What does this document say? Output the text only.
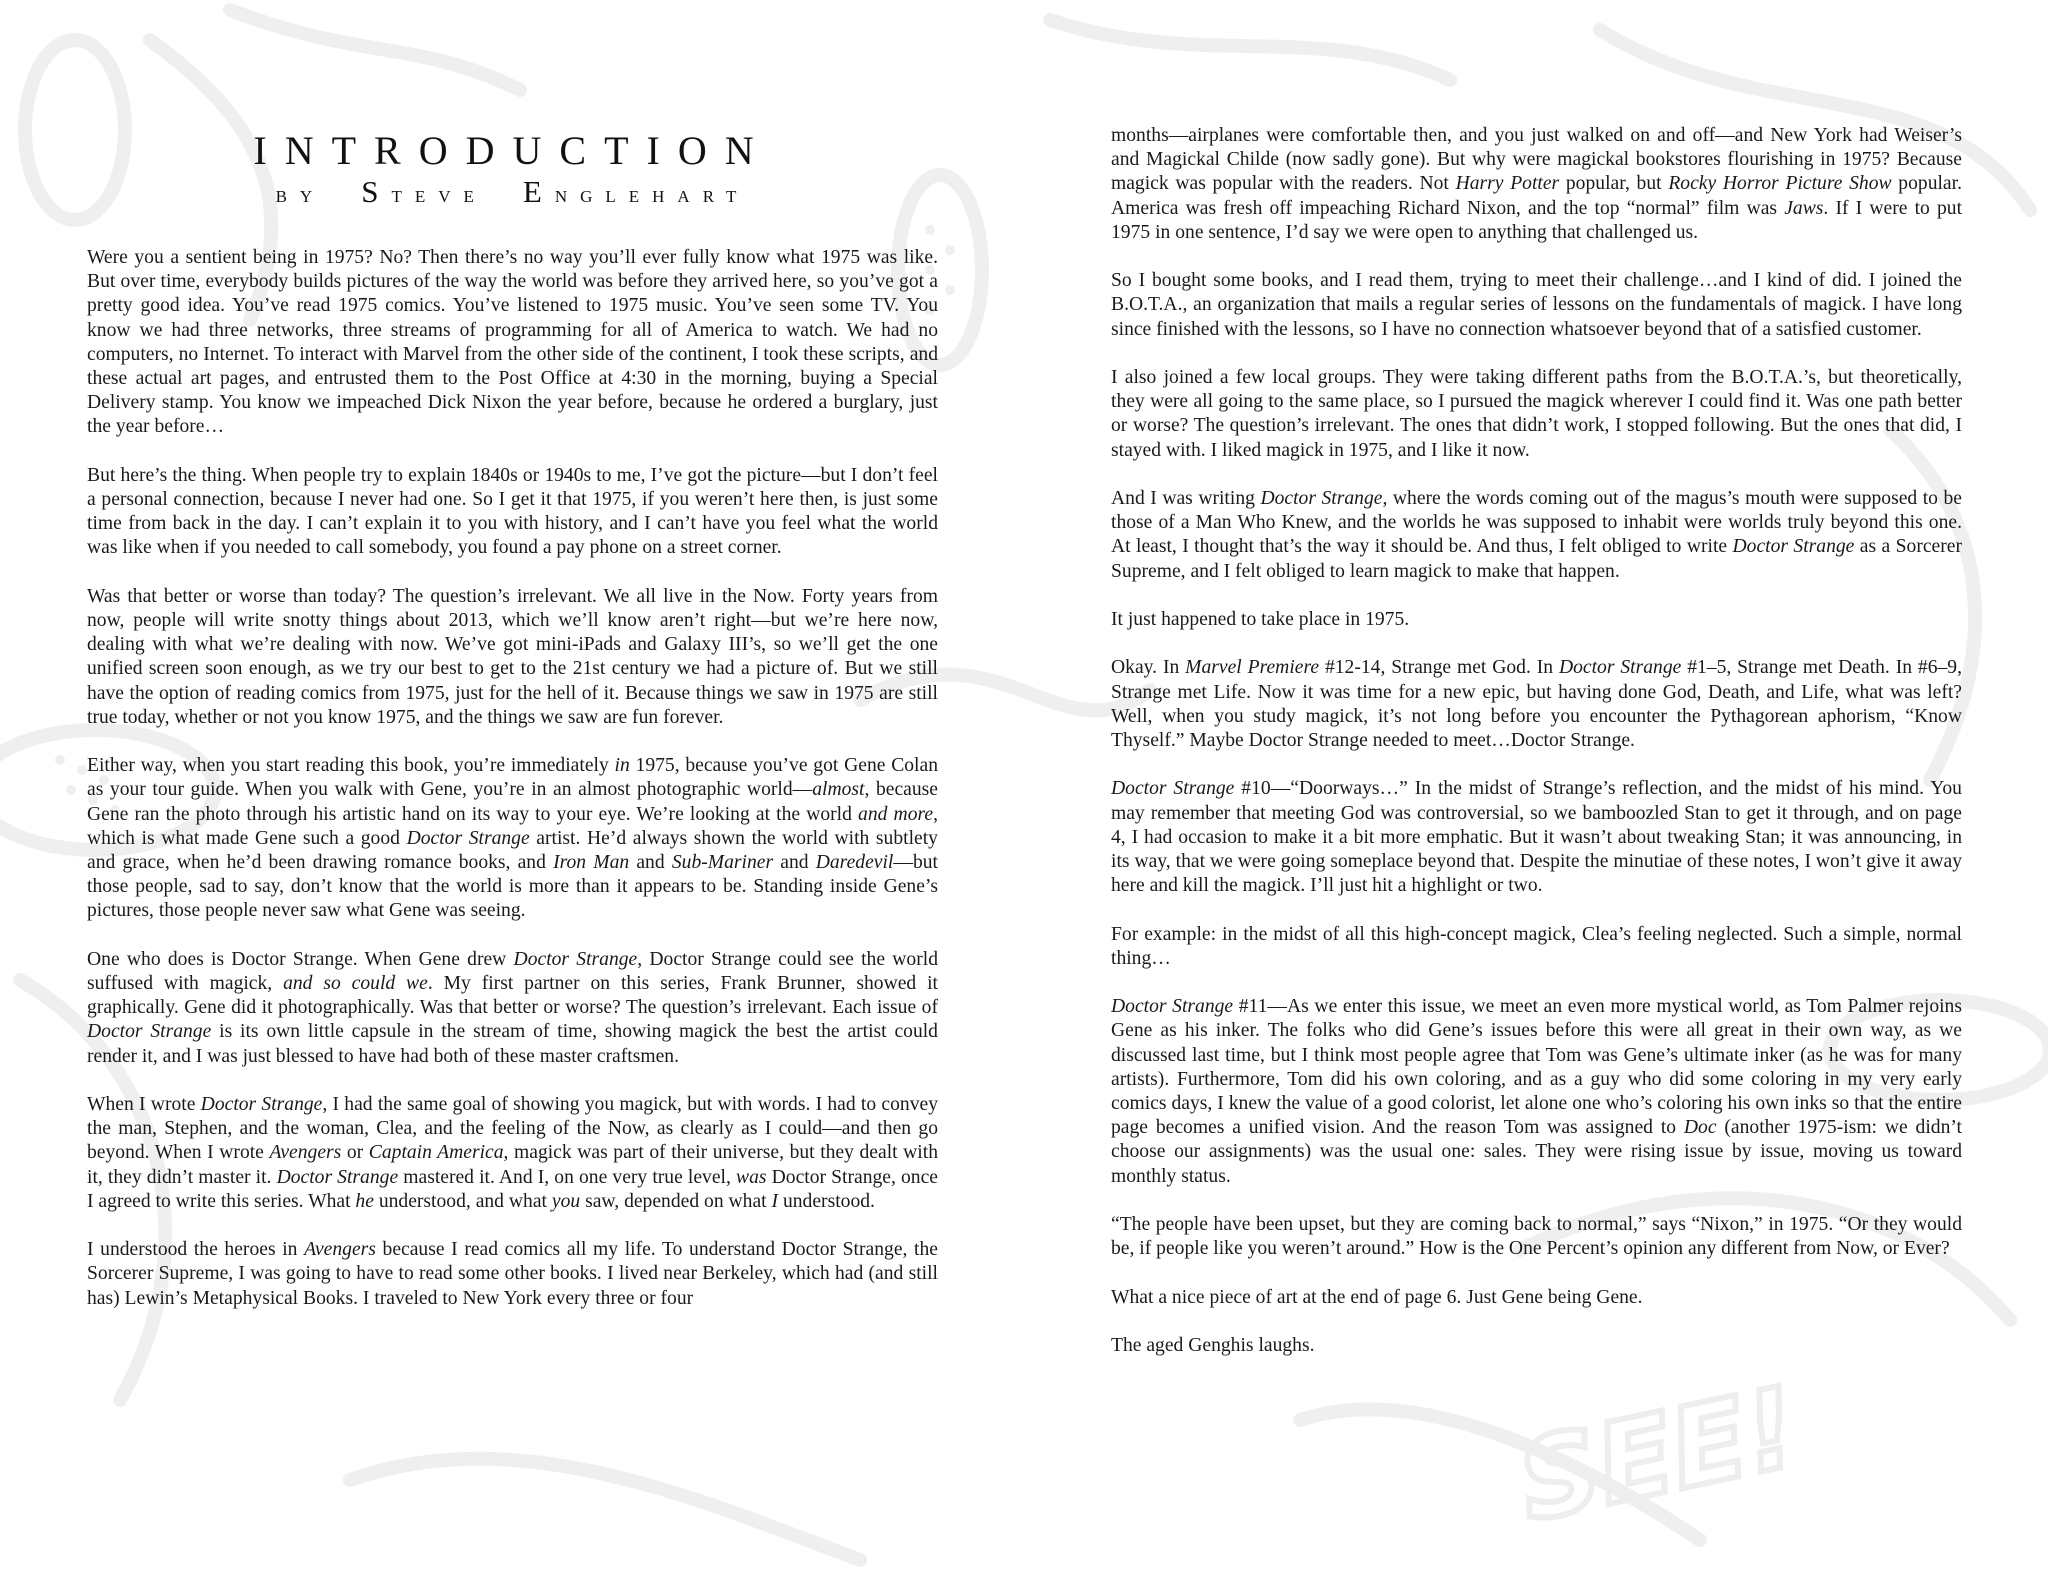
SEE!
INTRODUCTION
by Steve Englehart

Were you a sentient being in 1975? No? Then there’s no way you’ll ever fully know what 1975 was like. But over time, everybody builds pictures of the way the world was before they arrived here, so you’ve got a pretty good idea. You’ve read 1975 comics. You’ve listened to 1975 music. You’ve seen some TV. You know we had three networks, three streams of programming for all of America to watch. We had no computers, no Internet. To interact with Marvel from the other side of the continent, I took these scripts, and these actual art pages, and entrusted them to the Post Office at 4:30 in the morning, buying a Special Delivery stamp. You know we impeached Dick Nixon the year before, because he ordered a burglary, just the year before…

But here’s the thing. When people try to explain 1840s or 1940s to me, I’ve got the picture—but I don’t feel a personal connection, because I never had one. So I get it that 1975, if you weren’t here then, is just some time from back in the day. I can’t explain it to you with history, and I can’t have you feel what the world was like when if you needed to call somebody, you found a pay phone on a street corner.

Was that better or worse than today? The question’s irrelevant. We all live in the Now. Forty years from now, people will write snotty things about 2013, which we’ll know aren’t right—but we’re here now, dealing with what we’re dealing with now. We’ve got mini-iPads and Galaxy III’s, so we’ll get the one unified screen soon enough, as we try our best to get to the 21st century we had a picture of. But we still have the option of reading comics from 1975, just for the hell of it. Because things we saw in 1975 are still true today, whether or not you know 1975, and the things we saw are fun forever.

Either way, when you start reading this book, you’re immediately in 1975, because you’ve got Gene Colan as your tour guide. When you walk with Gene, you’re in an almost photographic world—almost, because Gene ran the photo through his artistic hand on its way to your eye. We’re looking at the world and more, which is what made Gene such a good Doctor Strange artist. He’d always shown the world with subtlety and grace, when he’d been drawing romance books, and Iron Man and Sub-Mariner and Daredevil—but those people, sad to say, don’t know that the world is more than it appears to be. Standing inside Gene’s pictures, those people never saw what Gene was seeing.

One who does is Doctor Strange. When Gene drew Doctor Strange, Doctor Strange could see the world suffused with magick, and so could we. My first partner on this series, Frank Brunner, showed it graphically. Gene did it photographically. Was that better or worse? The question’s irrelevant. Each issue of Doctor Strange is its own little capsule in the stream of time, showing magick the best the artist could render it, and I was just blessed to have had both of these master craftsmen.

When I wrote Doctor Strange, I had the same goal of showing you magick, but with words. I had to convey the man, Stephen, and the woman, Clea, and the feeling of the Now, as clearly as I could—and then go beyond. When I wrote Avengers or Captain America, magick was part of their universe, but they dealt with it, they didn’t master it. Doctor Strange mastered it. And I, on one very true level, was Doctor Strange, once I agreed to write this series. What he understood, and what you saw, depended on what I understood.

I understood the heroes in Avengers because I read comics all my life. To understand Doctor Strange, the Sorcerer Supreme, I was going to have to read some other books. I lived near Berkeley, which had (and still has) Lewin’s Metaphysical Books. I traveled to New York every three or four

months—airplanes were comfortable then, and you just walked on and off—and New York had Weiser’s and Magickal Childe (now sadly gone). But why were magickal bookstores flourishing in 1975? Because magick was popular with the readers. Not Harry Potter popular, but Rocky Horror Picture Show popular. America was fresh off impeaching Richard Nixon, and the top “normal” film was Jaws. If I were to put 1975 in one sentence, I’d say we were open to anything that challenged us.

So I bought some books, and I read them, trying to meet their challenge…and I kind of did. I joined the B.O.T.A., an organization that mails a regular series of lessons on the fundamentals of magick. I have long since finished with the lessons, so I have no connection whatsoever beyond that of a satisfied customer.

I also joined a few local groups. They were taking different paths from the B.O.T.A.’s, but theoretically, they were all going to the same place, so I pursued the magick wherever I could find it. Was one path better or worse? The question’s irrelevant. The ones that didn’t work, I stopped following. But the ones that did, I stayed with. I liked magick in 1975, and I like it now.

And I was writing Doctor Strange, where the words coming out of the magus’s mouth were supposed to be those of a Man Who Knew, and the worlds he was supposed to inhabit were worlds truly beyond this one. At least, I thought that’s the way it should be. And thus, I felt obliged to write Doctor Strange as a Sorcerer Supreme, and I felt obliged to learn magick to make that happen.

It just happened to take place in 1975.

Okay. In Marvel Premiere #12-14, Strange met God. In Doctor Strange #1–5, Strange met Death. In #6–9, Strange met Life. Now it was time for a new epic, but having done God, Death, and Life, what was left? Well, when you study magick, it’s not long before you encounter the Pythagorean aphorism, “Know Thyself.” Maybe Doctor Strange needed to meet…Doctor Strange.

Doctor Strange #10—“Doorways…” In the midst of Strange’s reflection, and the midst of his mind. You may remember that meeting God was controversial, so we bamboozled Stan to get it through, and on page 4, I had occasion to make it a bit more emphatic. But it wasn’t about tweaking Stan; it was announcing, in its way, that we were going someplace beyond that. Despite the minutiae of these notes, I won’t give it away here and kill the magick. I’ll just hit a highlight or two.

For example: in the midst of all this high-concept magick, Clea’s feeling neglected. Such a simple, normal thing…

Doctor Strange #11—As we enter this issue, we meet an even more mystical world, as Tom Palmer rejoins Gene as his inker. The folks who did Gene’s issues before this were all great in their own way, as we discussed last time, but I think most people agree that Tom was Gene’s ultimate inker (as he was for many artists). Furthermore, Tom did his own coloring, and as a guy who did some coloring in my very early comics days, I knew the value of a good colorist, let alone one who’s coloring his own inks so that the entire page becomes a unified vision. And the reason Tom was assigned to Doc (another 1975-ism: we didn’t choose our assignments) was the usual one: sales. They were rising issue by issue, moving us toward monthly status.

“The people have been upset, but they are coming back to normal,” says “Nixon,” in 1975. “Or they would be, if people like you weren’t around.” How is the One Percent’s opinion any different from Now, or Ever?

What a nice piece of art at the end of page 6. Just Gene being Gene.

The aged Genghis laughs.
